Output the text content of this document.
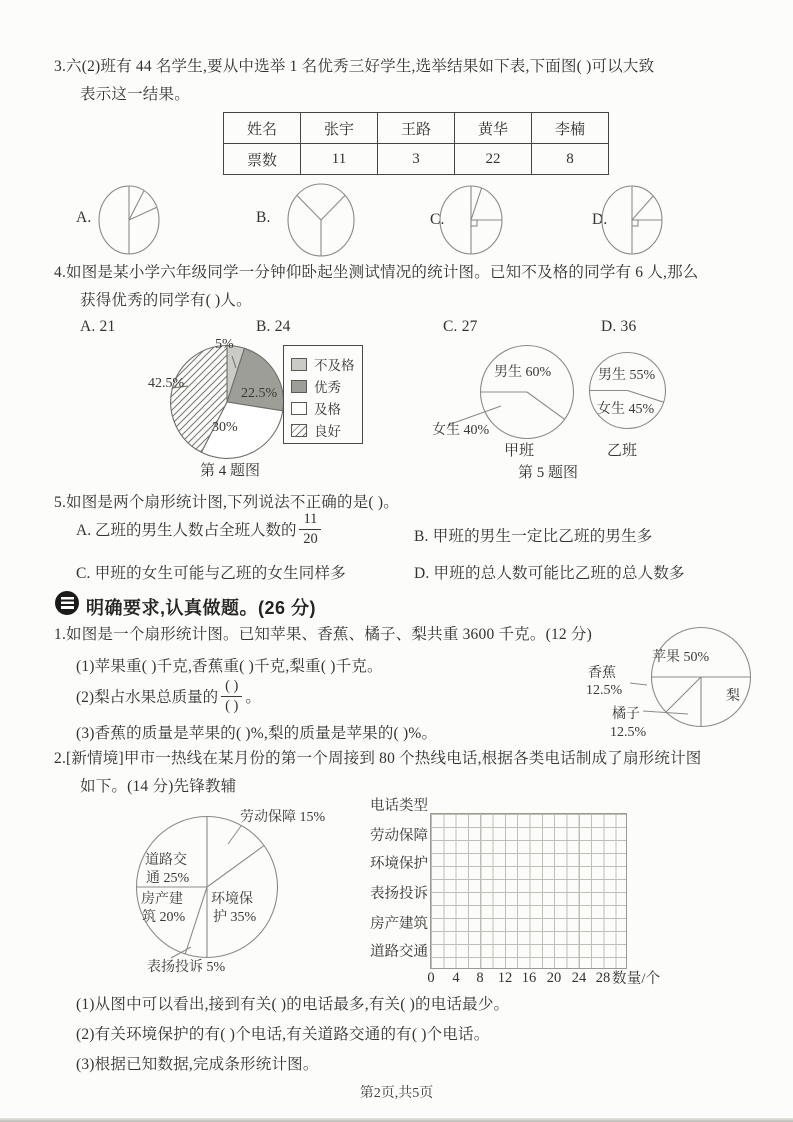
3.六(2)班有 44 名学生,要从中选举 1 名优秀三好学生,选举结果如下表,下面图( )可以大致
表示这一结果。
姓名	张宇	王路	黄华	李楠
票数	11	3	22	8
A.	B.	C.	D.
4.如图是某小学六年级同学一分钟仰卧起坐测试情况的统计图。已知不及格的同学有 6 人,那么
获得优秀的同学有( )人。
A. 21	B. 24	C. 27	D. 36
5%
42.5%
22.5%
30%
第 4 题图
不及格
优秀
及格
良好
男生 60%
女生 40%
甲班
男生 55%
女生 45%
乙班
第 5 题图
5.如图是两个扇形统计图,下列说法不正确的是( )。
A. 乙班的男生人数占全班人数的 $\frac{11}{20}$	B. 甲班的男生一定比乙班的男生多
C. 甲班的女生可能与乙班的女生同样多	D. 甲班的总人数可能比乙班的总人数多
明确要求,认真做题。(26 分)
1.如图是一个扇形统计图。已知苹果、香蕉、橘子、梨共重 3600 千克。(12 分)
(1)苹果重( )千克,香蕉重( )千克,梨重( )千克。
(2)梨占水果总质量的 $\frac{( )}{( )}$ 。
(3)香蕉的质量是苹果的( )%,梨的质量是苹果的( )%。
苹果 50%
香蕉
12.5%	梨
橘子
12.5%
2.[新情境]甲市一热线在某月份的第一个周接到 80 个热线电话,根据各类电话制成了扇形统计图
如下。(14 分)先锋教辅
劳动保障 15%
道路交
通 25%
房产建
筑 20%
环境保
护 35%
表扬投诉 5%
电话类型
劳动保障
环境保护
表扬投诉
房产建筑
道路交通
0	4	8 12 16 20 24 28 数量/个
(1)从图中可以看出,接到有关( )的电话最多,有关( )的电话最少。
(2)有关环境保护的有( )个电话,有关道路交通的有( )个电话。
(3)根据已知数据,完成条形统计图。
第2页,共5页
